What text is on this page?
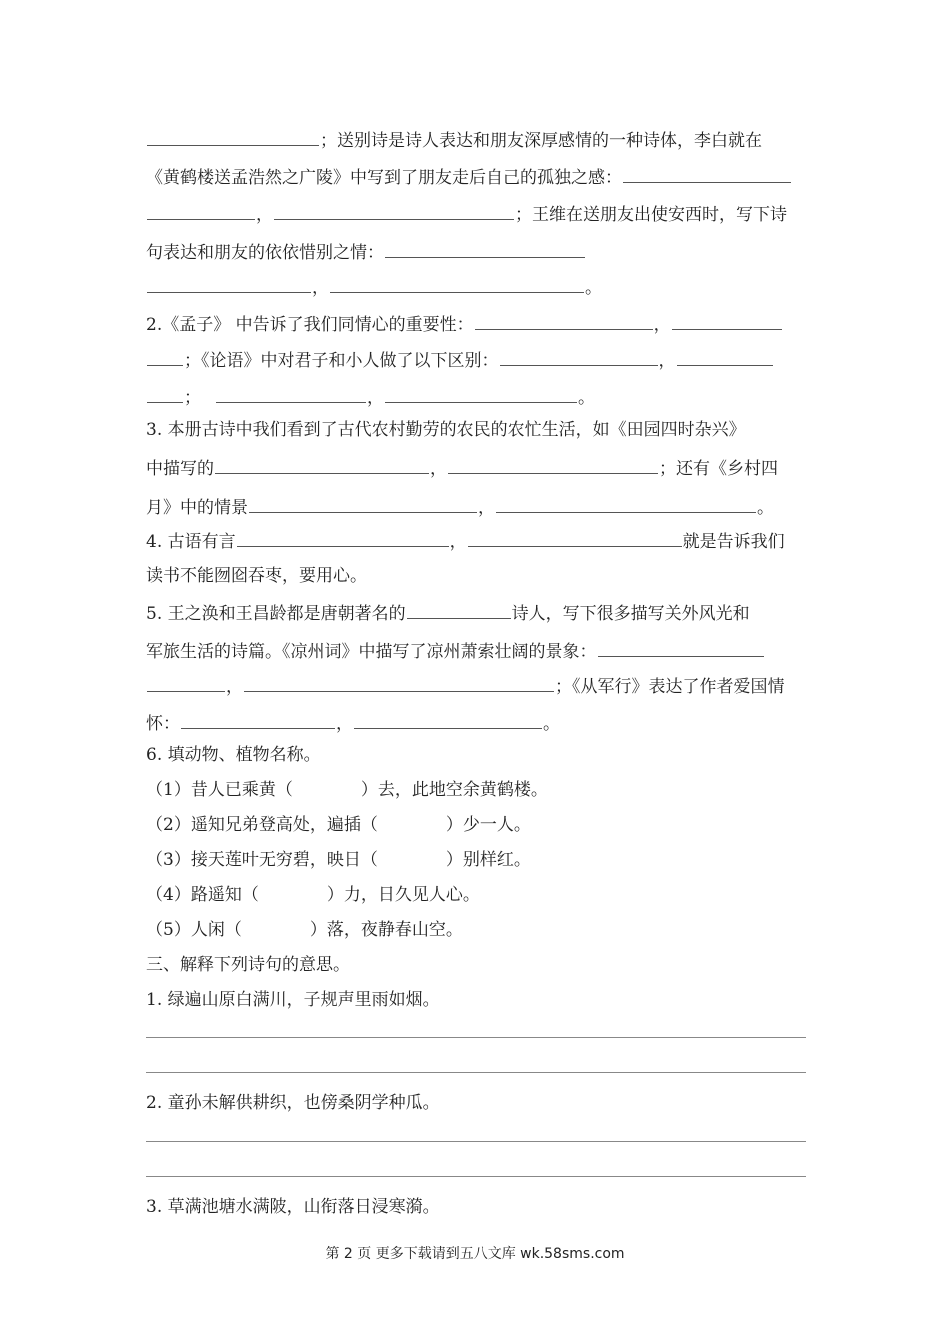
；送别诗是诗人表达和朋友深厚感情的一种诗体，李白就在
《黄鹤楼送孟浩然之广陵》中写到了朋友走后自己的孤独之感：
，	；王维在送朋友出使安西时，写下诗
句表达和朋友的依依惜别之情：
，	。
2.《孟子》 中告诉了我们同情心的重要性：	，
；《论语》中对君子和小人做了以下区别：	，
；	，	。
3. 本册古诗中我们看到了古代农村勤劳的农民的农忙生活，如《田园四时杂兴》
中描写的	，	；还有《乡村四
月》中的情景	，	。
4. 古语有言	，	就是告诉我们
读书不能囫囵吞枣，要用心。
5. 王之涣和王昌龄都是唐朝著名的	诗人，写下很多描写关外风光和
军旅生活的诗篇。《凉州词》中描写了凉州萧索壮阔的景象：
，	；《从军行》表达了作者爱国情
怀：	，	。
6. 填动物、植物名称。
（1）昔人已乘黄（	）去，此地空余黄鹤楼。
（2）遥知兄弟登高处，遍插（	）少一人。
（3）接天莲叶无穷碧，映日（	）别样红。
（4）路遥知（	）力，日久见人心。
（5）人闲（	）落，夜静春山空。
三、解释下列诗句的意思。
1. 绿遍山原白满川，子规声里雨如烟。
2. 童孙未解供耕织，也傍桑阴学种瓜。
3. 草满池塘水满陂，山衔落日浸寒漪。
第 2 页 更多下载请到五八文库 wk.58sms.com
